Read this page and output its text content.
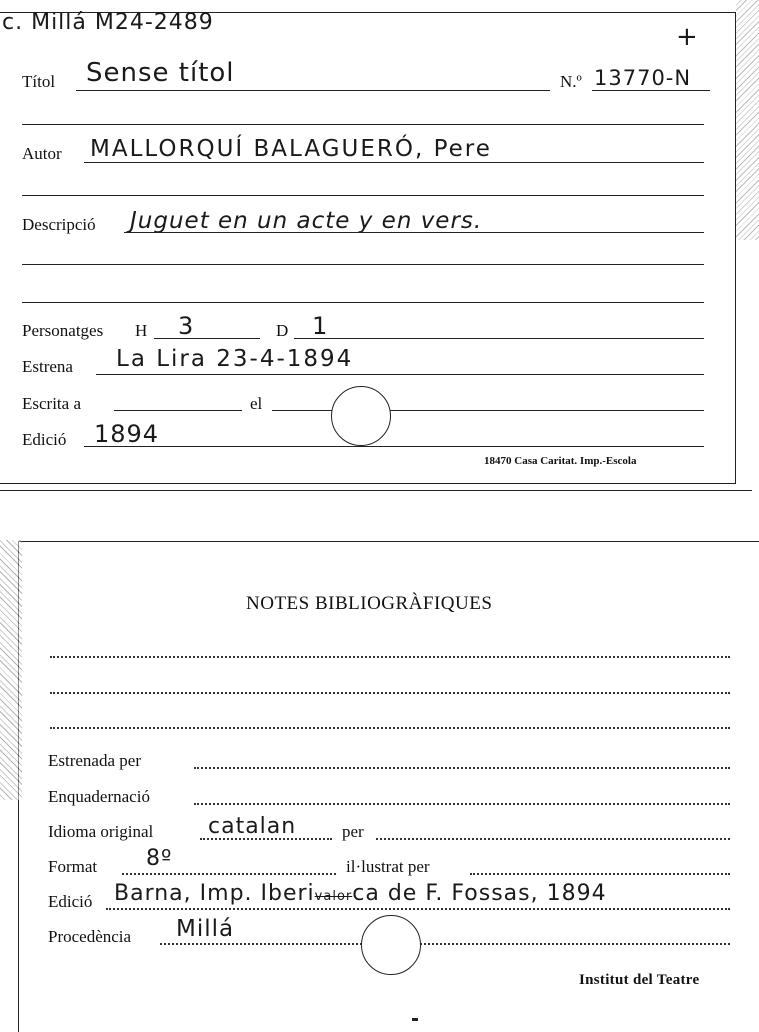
c. Millá M24-2489	+
Títol Sense títol	N.º 13770-N
Autor MALLORQUÍ BALAGUERÓ, Pere
Descripció Juguet en un acte y en vers.
Personatges H 3	D 1
Estrena La Lira 23-4-1894
Escrita a	el
Edició 1894
18470 Casa Caritat. Imp.-Escola
NOTES BIBLIOGRÀFIQUES
Estrenada per
Enquadernació
Idioma original catalan	per
Format 8º	il·lustrat per
Edició Barna, Imp. Iberivalorca de F. Fossas, 1894
Procedència Millá
Institut del Teatre
